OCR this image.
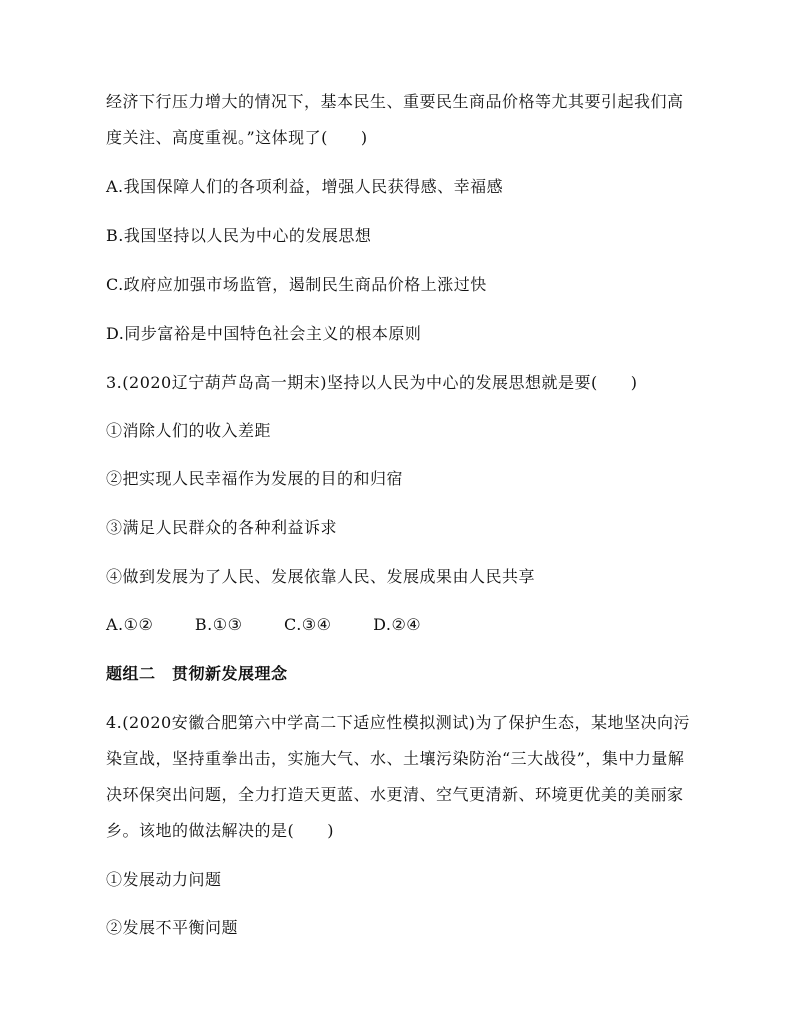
经济下行压力增大的情况下，基本民生、重要民生商品价格等尤其要引起我们高
度关注、高度重视。”这体现了(　　)
A.我国保障人们的各项利益，增强人民获得感、幸福感
B.我国坚持以人民为中心的发展思想
C.政府应加强市场监管，遏制民生商品价格上涨过快
D.同步富裕是中国特色社会主义的根本原则
3.(2020辽宁葫芦岛高一期末)坚持以人民为中心的发展思想就是要(　　)
①消除人们的收入差距
②把实现人民幸福作为发展的目的和归宿
③满足人民群众的各种利益诉求
④做到发展为了人民、发展依靠人民、发展成果由人民共享
A.①②	B.①③	C.③④	D.②④
题组二　贯彻新发展理念
4.(2020安徽合肥第六中学高二下适应性模拟测试)为了保护生态，某地坚决向污
染宣战，坚持重拳出击，实施大气、水、土壤污染防治“三大战役”，集中力量解
决环保突出问题，全力打造天更蓝、水更清、空气更清新、环境更优美的美丽家
乡。该地的做法解决的是(　　)
①发展动力问题
②发展不平衡问题
